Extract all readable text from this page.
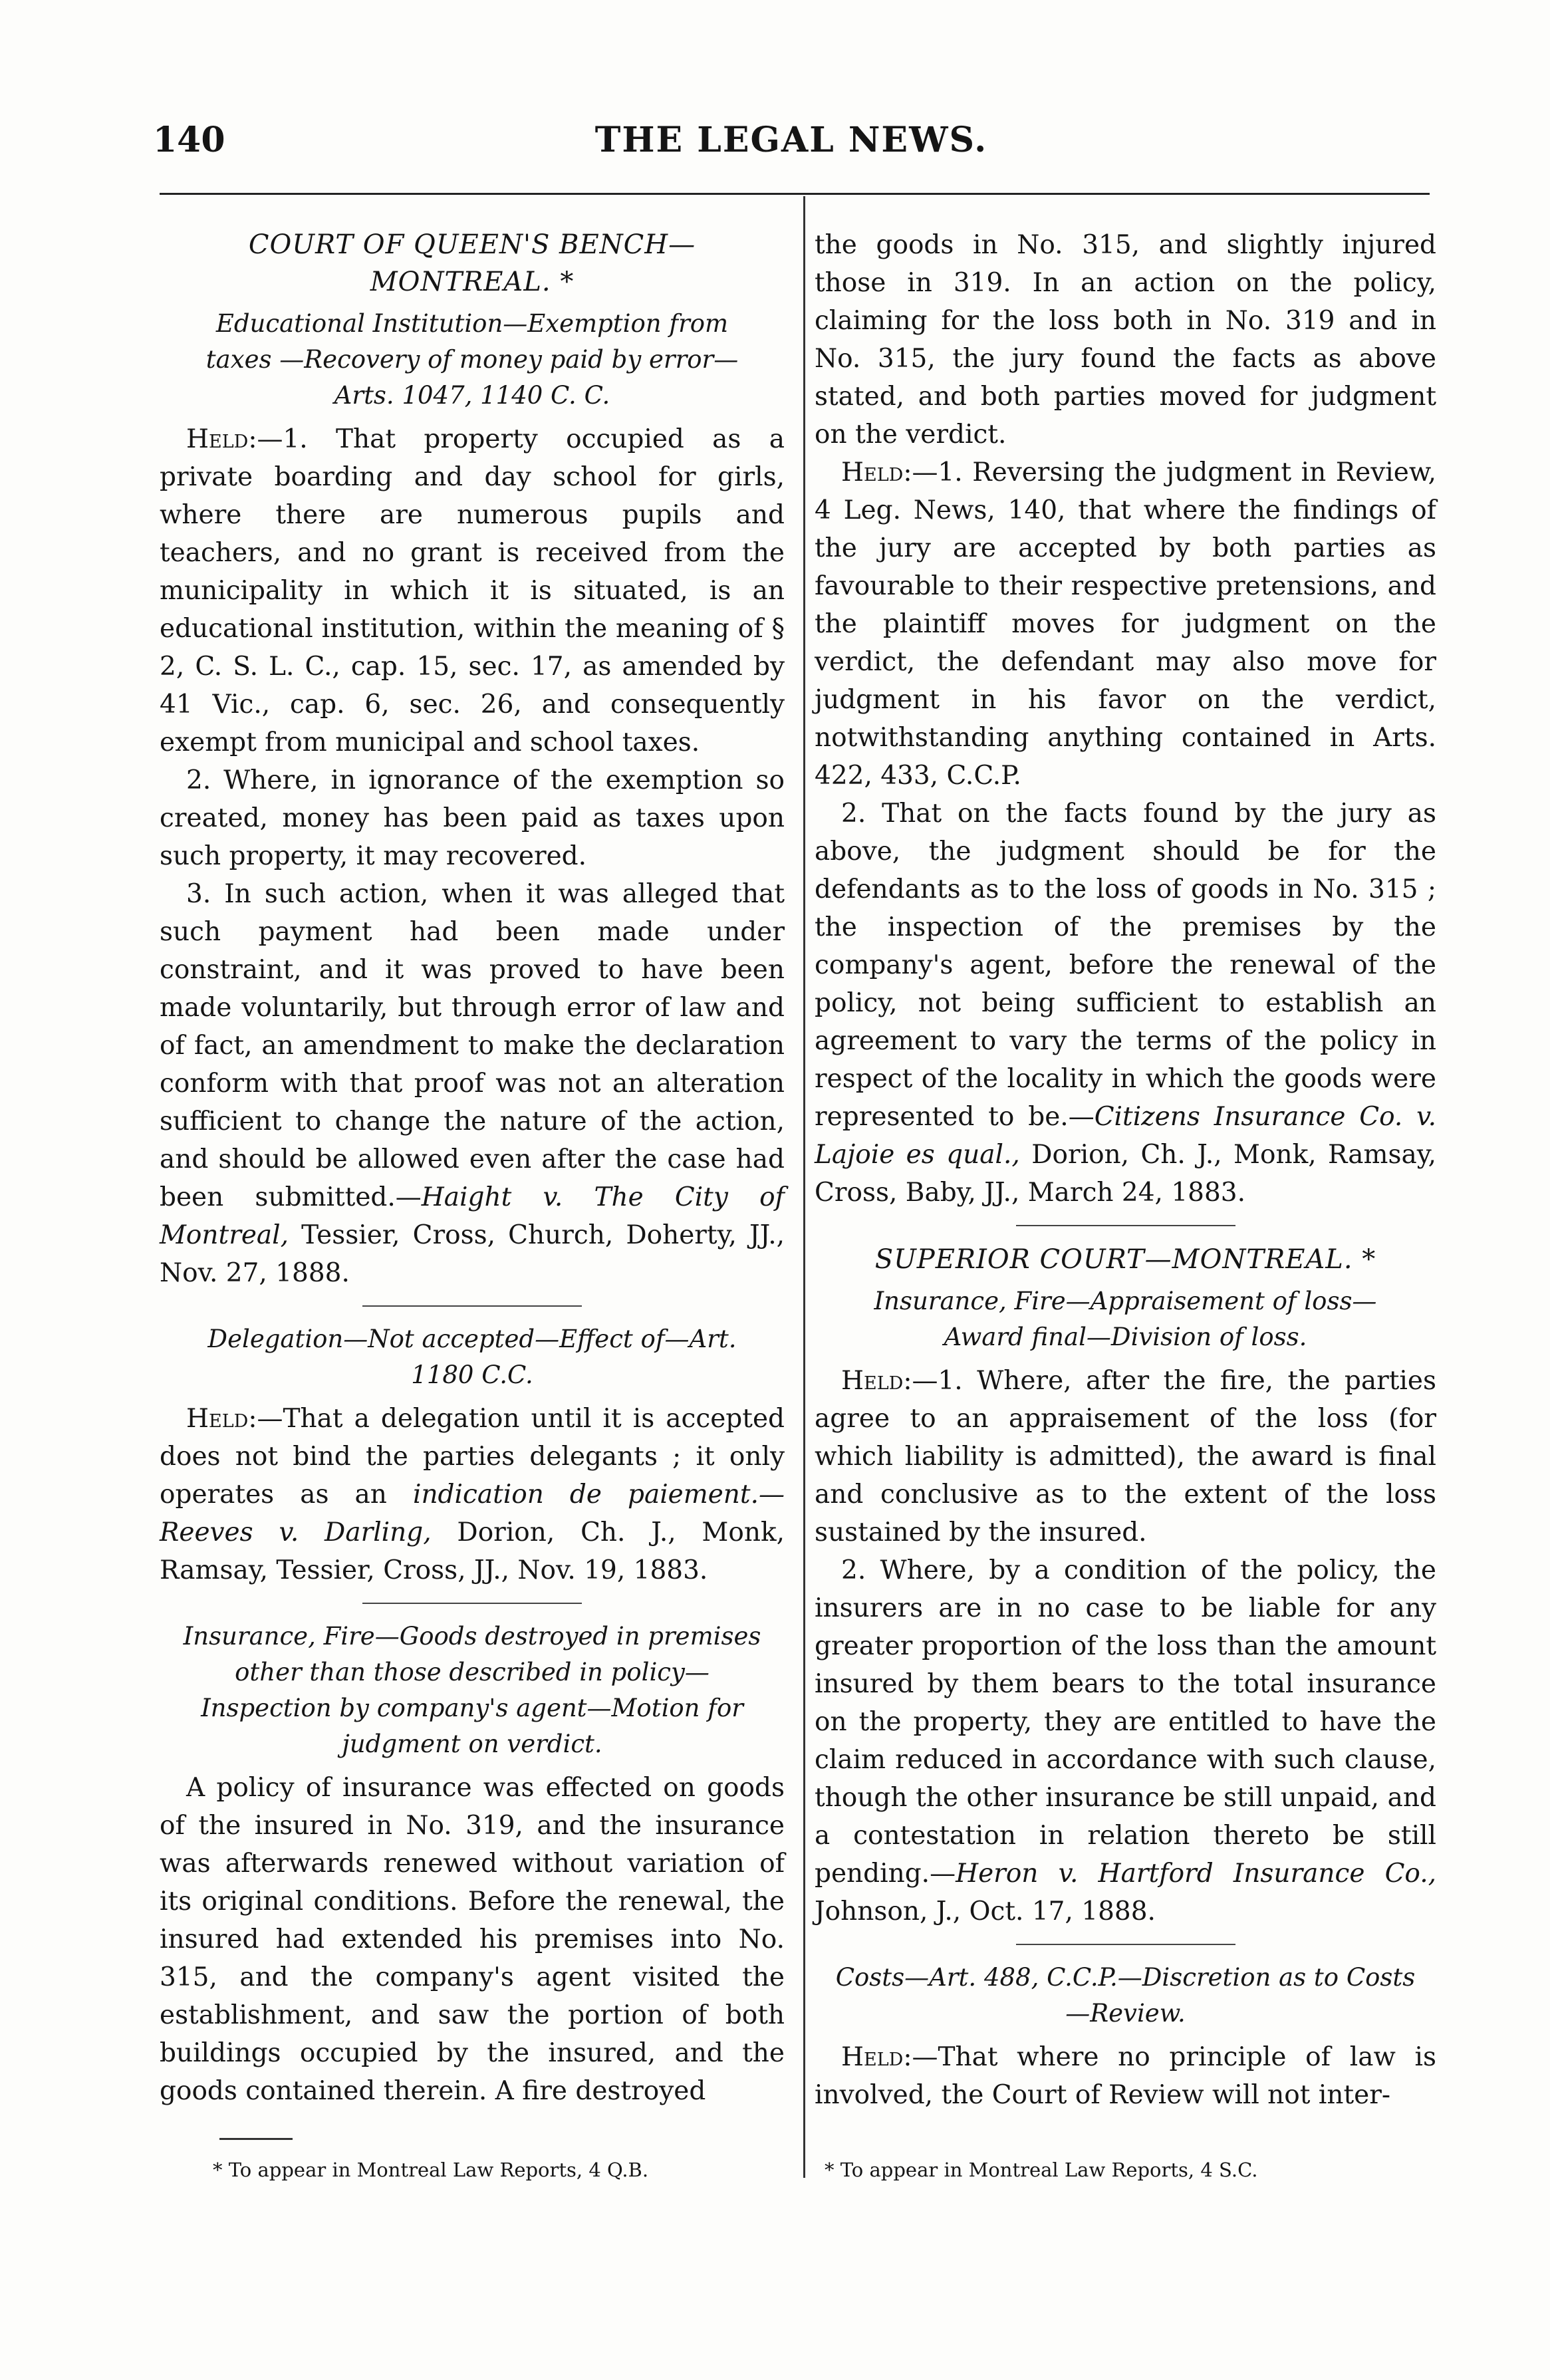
140	THE LEGAL NEWS.
COURT OF QUEEN'S BENCH—MONTREAL. *
Educational Institution—Exemption from taxes —Recovery of money paid by error—Arts. 1047, 1140 C. C.

Held:—1. That property occupied as a private boarding and day school for girls, where there are numerous pupils and teachers, and no grant is received from the municipality in which it is situated, is an educational institution, within the meaning of § 2, C. S. L. C., cap. 15, sec. 17, as amended by 41 Vic., cap. 6, sec. 26, and consequently exempt from municipal and school taxes.

2. Where, in ignorance of the exemption so created, money has been paid as taxes upon such property, it may recovered.

3. In such action, when it was alleged that such payment had been made under constraint, and it was proved to have been made voluntarily, but through error of law and of fact, an amendment to make the declaration conform with that proof was not an alteration sufficient to change the nature of the action, and should be allowed even after the case had been submitted.—Haight v. The City of Montreal, Tessier, Cross, Church, Doherty, JJ., Nov. 27, 1888.

Delegation—Not accepted—Effect of—Art. 1180 C.C.

Held:—That a delegation until it is accepted does not bind the parties delegants ; it only operates as an indication de paiement.—Reeves v. Darling, Dorion, Ch. J., Monk, Ramsay, Tessier, Cross, JJ., Nov. 19, 1883.

Insurance, Fire—Goods destroyed in premises other than those described in policy—Inspection by company's agent—Motion for judgment on verdict.

A policy of insurance was effected on goods of the insured in No. 319, and the insurance was afterwards renewed without variation of its original conditions. Before the renewal, the insured had extended his premises into No. 315, and the company's agent visited the establishment, and saw the portion of both buildings occupied by the insured, and the goods contained therein. A fire destroyed

* To appear in Montreal Law Reports, 4 Q.B.

the goods in No. 315, and slightly injured those in 319. In an action on the policy, claiming for the loss both in No. 319 and in No. 315, the jury found the facts as above stated, and both parties moved for judgment on the verdict.

Held:—1. Reversing the judgment in Review, 4 Leg. News, 140, that where the findings of the jury are accepted by both parties as favourable to their respective pretensions, and the plaintiff moves for judgment on the verdict, the defendant may also move for judgment in his favor on the verdict, notwithstanding anything contained in Arts. 422, 433, C.C.P.

2. That on the facts found by the jury as above, the judgment should be for the defendants as to the loss of goods in No. 315 ; the inspection of the premises by the company's agent, before the renewal of the policy, not being sufficient to establish an agreement to vary the terms of the policy in respect of the locality in which the goods were represented to be.—Citizens Insurance Co. v. Lajoie es qual., Dorion, Ch. J., Monk, Ramsay, Cross, Baby, JJ., March 24, 1883.

SUPERIOR COURT—MONTREAL. *
Insurance, Fire—Appraisement of loss—Award final—Division of loss.

Held:—1. Where, after the fire, the parties agree to an appraisement of the loss (for which liability is admitted), the award is final and conclusive as to the extent of the loss sustained by the insured.

2. Where, by a condition of the policy, the insurers are in no case to be liable for any greater proportion of the loss than the amount insured by them bears to the total insurance on the property, they are entitled to have the claim reduced in accordance with such clause, though the other insurance be still unpaid, and a contestation in relation thereto be still pending.—Heron v. Hartford Insurance Co., Johnson, J., Oct. 17, 1888.

Costs—Art. 488, C.C.P.—Discretion as to Costs —Review.

Held:—That where no principle of law is involved, the Court of Review will not inter-

* To appear in Montreal Law Reports, 4 S.C.
